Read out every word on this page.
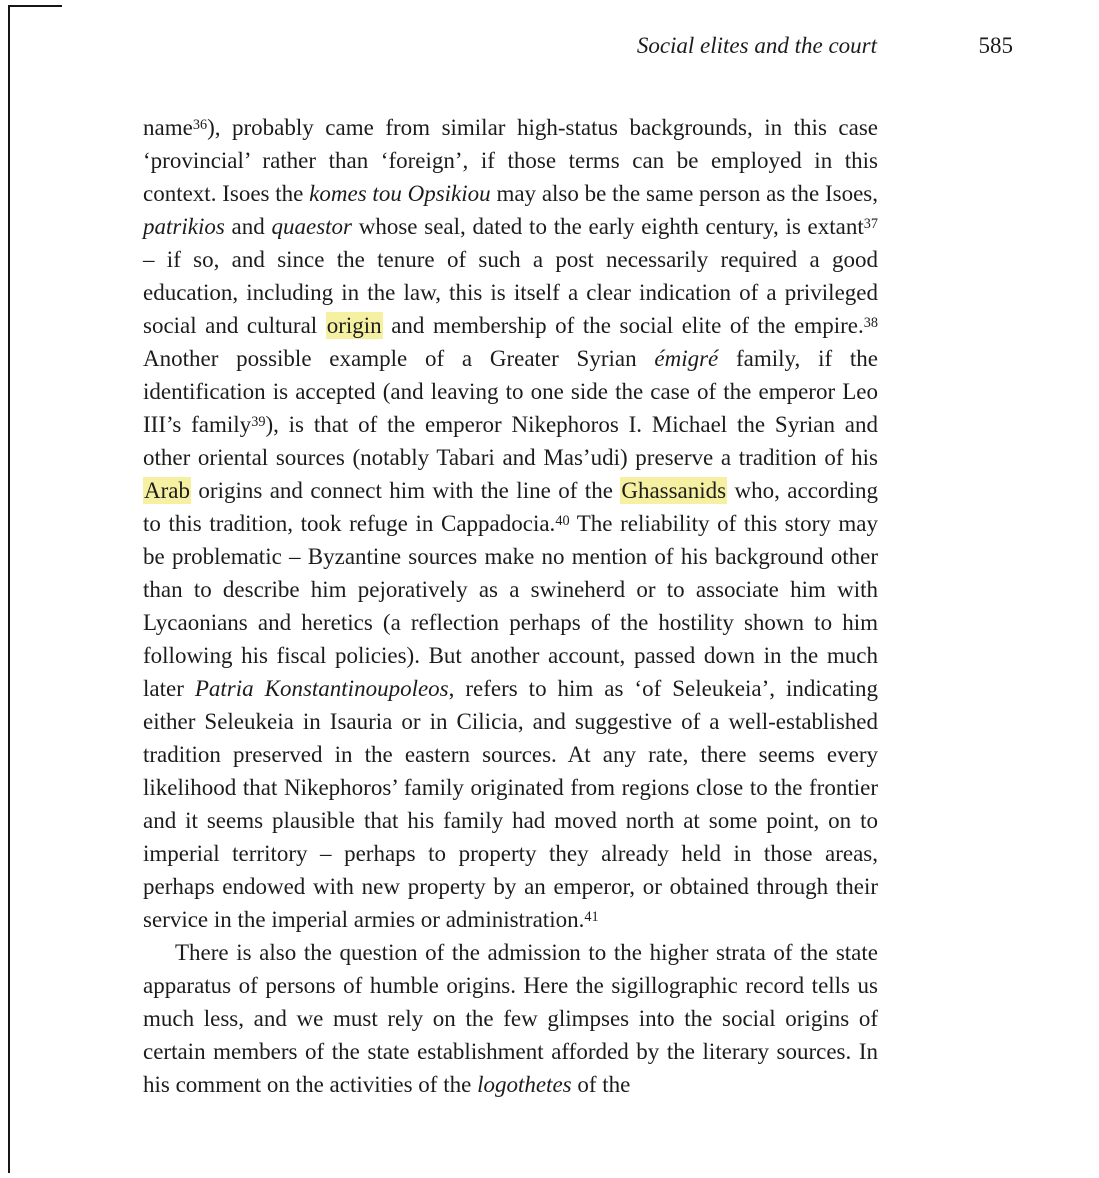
Social elites and the court	585

name$^{36}$), probably came from similar high-status backgrounds, in this case ‘provincial’ rather than ‘foreign’, if those terms can be employed in this context. Isoes the komes tou Opsikiou may also be the same person as the Isoes, patrikios and quaestor whose seal, dated to the early eighth century, is extant$^{37}$ – if so, and since the tenure of such a post necessarily required a good education, including in the law, this is itself a clear indication of a privileged social and cultural origin and membership of the social elite of the empire.$^{38}$ Another possible example of a Greater Syrian émigré family, if the identification is accepted (and leaving to one side the case of the emperor Leo III’s family$^{39}$), is that of the emperor Nikephoros I. Michael the Syrian and other oriental sources (notably Tabari and Mas’udi) preserve a tradition of his Arab origins and connect him with the line of the Ghassanids who, according to this tradition, took refuge in Cappadocia.$^{40}$ The reliability of this story may be problematic – Byzantine sources make no mention of his background other than to describe him pejoratively as a swineherd or to associate him with Lycaonians and heretics (a reflection perhaps of the hostility shown to him following his fiscal policies). But another account, passed down in the much later Patria Konstantinoupoleos, refers to him as ‘of Seleukeia’, indicating either Seleukeia in Isauria or in Cilicia, and suggestive of a well-established tradition preserved in the eastern sources. At any rate, there seems every likelihood that Nikephoros’ family originated from regions close to the frontier and it seems plausible that his family had moved north at some point, on to imperial territory – perhaps to property they already held in those areas, perhaps endowed with new property by an emperor, or obtained through their service in the imperial armies or administration.$^{41}$

There is also the question of the admission to the higher strata of the state apparatus of persons of humble origins. Here the sigillographic record tells us much less, and we must rely on the few glimpses into the social origins of certain members of the state establishment afforded by the literary sources. In his comment on the activities of the logothetes of the
